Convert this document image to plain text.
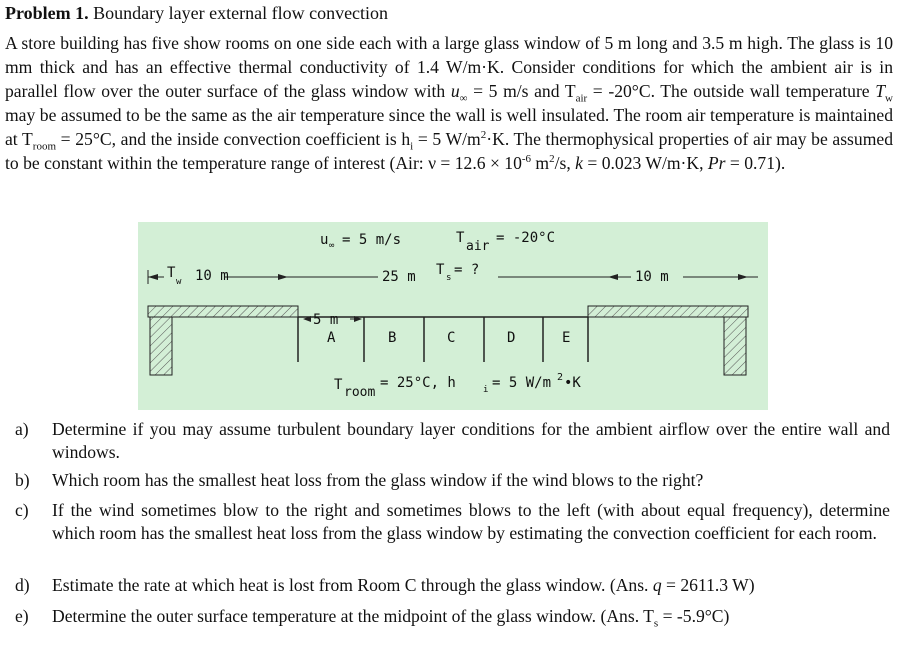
Problem 1. Boundary layer external flow convection
A store building has five show rooms on one side each with a large glass window of 5 m long and 3.5 m high. The glass is 10 mm thick and has an effective thermal conductivity of 1.4 W/m·K. Consider conditions for which the ambient air is in parallel flow over the outer surface of the glass window with $u_\infty = 5$ m/s and $T_{air} = -20^\circ C$. The outside wall temperature $T_w$ may be assumed to be the same as the air temperature since the wall is well insulated. The room air temperature is maintained at $T_{room} = 25^\circ C$, and the inside convection coefficient is $h_i = 5$ $W/m^2\cdot K$. The thermophysical properties of air may be assumed to be constant within the temperature range of interest (Air: $\nu = 12.6 \times 10^{-6}$ $m^2/s$, k = 0.023 W/m·K, Pr = 0.71).
u ∞ = 5 m/s	T
air
= -20°C
T
w 10 m	25 m T s = ?	10 m
5 m
A	B	C	D	E
T room
= 25°C, h	i = 5 W/m 2 •K
a) Determine if you may assume turbulent boundary layer conditions for the ambient airflow over the entire wall and windows.
b) Which room has the smallest heat loss from the glass window if the wind blows to the right?
c) If the wind sometimes blow to the right and sometimes blows to the left (with about equal frequency), determine which room has the smallest heat loss from the glass window by estimating the convection coefficient for each room.
d) Estimate the rate at which heat is lost from Room C through the glass window. (Ans. q = 2611.3 W)
e) Determine the outer surface temperature at the midpoint of the glass window. (Ans. $T_s = -5.9^\circ C$)
